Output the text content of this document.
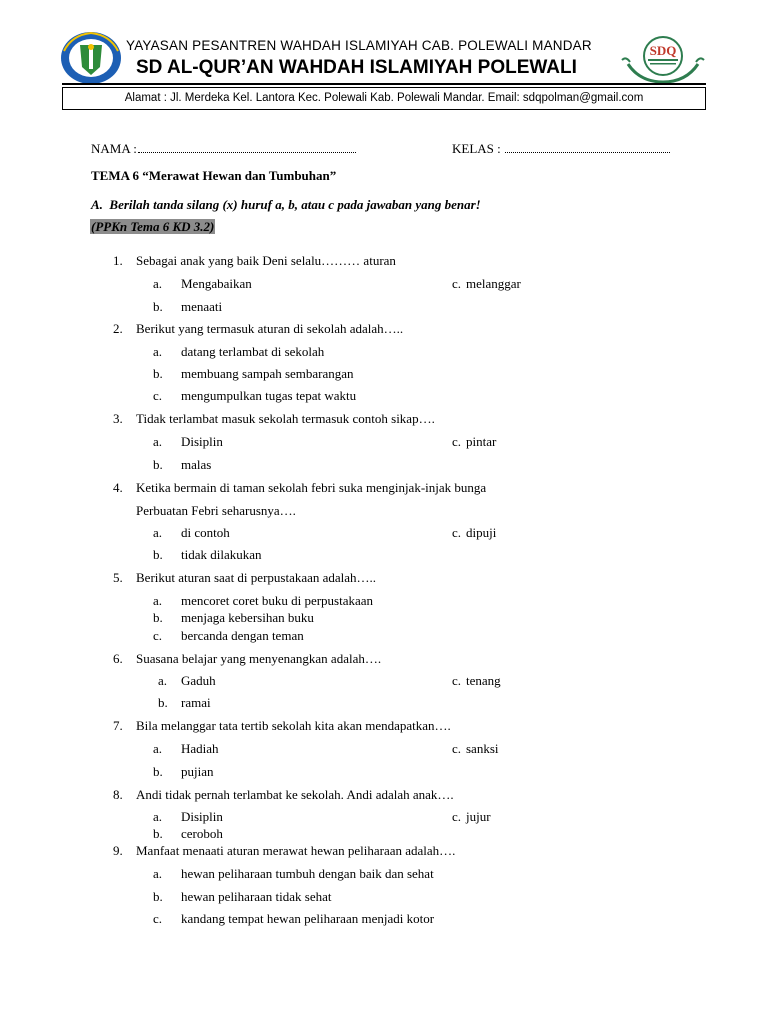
YAYASAN PESANTREN WAHDAH ISLAMIYAH CAB. POLEWALI MANDAR
SD AL-QUR’AN WAHDAH ISLAMIYAH POLEWALI
SDQ
Alamat : Jl. Merdeka Kel. Lantora Kec. Polewali Kab. Polewali Mandar. Email: sdqpolman@gmail.com
NAMA :	KELAS :
TEMA 6 “Merawat Hewan dan Tumbuhan”
A.  Berilah tanda silang (x) huruf a, b, atau c pada jawaban yang benar!
(PPKn Tema 6 KD 3.2)
1. Sebagai anak yang baik Deni selalu……… aturan
a. Mengabaikan	c. melanggar
b. menaati
2. Berikut yang termasuk aturan di sekolah adalah…..
a. datang terlambat di sekolah
b. membuang sampah sembarangan
c. mengumpulkan tugas tepat waktu
3. Tidak terlambat masuk sekolah termasuk contoh sikap….
a. Disiplin	c. pintar
b. malas
4. Ketika bermain di taman sekolah febri suka menginjak-injak bunga
Perbuatan Febri seharusnya….
a. di contoh	c. dipuji
b. tidak dilakukan
5. Berikut aturan saat di perpustakaan adalah…..
a. mencoret coret buku di perpustakaan
b. menjaga kebersihan buku
c. bercanda dengan teman
6. Suasana belajar yang menyenangkan adalah….
a. Gaduh	c. tenang
b. ramai
7. Bila melanggar tata tertib sekolah kita akan mendapatkan….
a. Hadiah	c. sanksi
b. pujian
8. Andi tidak pernah terlambat ke sekolah. Andi adalah anak….
a. Disiplin	c. jujur
b. ceroboh
9. Manfaat menaati aturan merawat hewan peliharaan adalah….
a. hewan peliharaan tumbuh dengan baik dan sehat
b. hewan peliharaan tidak sehat
c. kandang tempat hewan peliharaan menjadi kotor
